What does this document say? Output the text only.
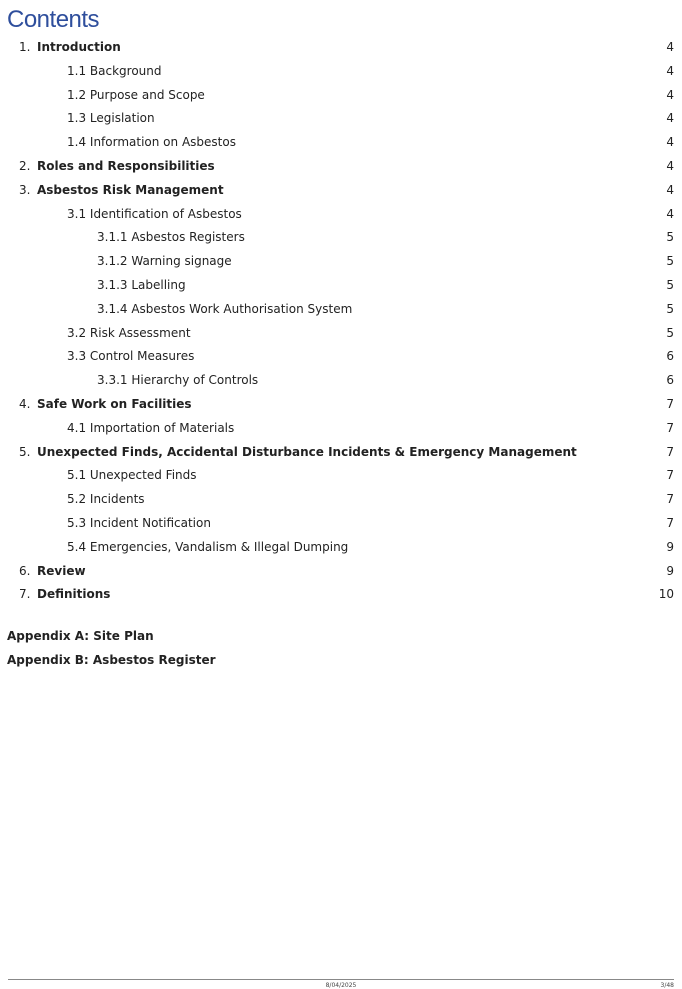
Contents
1. Introduction	4
1.1 Background	4
1.2 Purpose and Scope	4
1.3 Legislation	4
1.4 Information on Asbestos	4
2. Roles and Responsibilities	4
3. Asbestos Risk Management	4
3.1 Identification of Asbestos	4
3.1.1 Asbestos Registers	5
3.1.2 Warning signage	5
3.1.3 Labelling	5
3.1.4 Asbestos Work Authorisation System	5
3.2 Risk Assessment	5
3.3 Control Measures	6
3.3.1 Hierarchy of Controls	6
4. Safe Work on Facilities	7
4.1 Importation of Materials	7
5. Unexpected Finds, Accidental Disturbance Incidents & Emergency Management	7
5.1 Unexpected Finds	7
5.2 Incidents	7
5.3 Incident Notification	7
5.4 Emergencies, Vandalism & Illegal Dumping	9
6. Review	9
7. Definitions	10
Appendix A: Site Plan
Appendix B: Asbestos Register
8/04/2025	3/48
